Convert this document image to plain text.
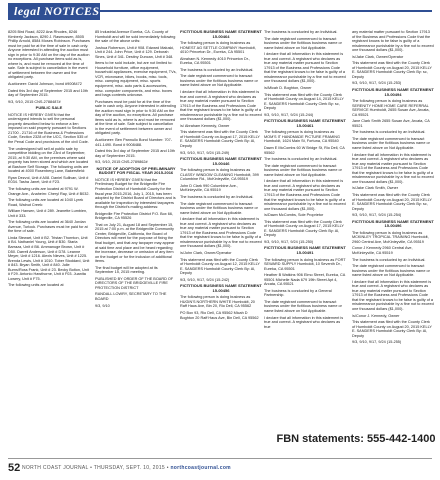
legal NOTICES

8205 Bird Road, 8222 Ana Rhodes, 8246 Kimberly Jackson, 8290 J. Rasmussen, 8505 Phillip Arnold, 8584 Moses Robinson. Purchases must be paid for at the time of sale in cash only. Anyone interested in attending the auction must sign in prior to 9:30 AM on the day of the auction no exceptions. All purchase items sold as is, where is, and must be removed at the time of sale. Sale is subject to cancellation in the event of settlement between the owner and the obligated party.

Auctioneer: David Johnson, bond #9008472

Dated this 3rd day of September 2015 and 10th day of September 2015.

9/3, 9/10, 2015 CNS-2788487#

PUBLIC SALE

NOTICE IS HEREBY GIVEN that the undersigned intends to sell the personal property described below to enforce a lien imposed on said property pursuant to Sections 21700 - 21716 of the Business & Professions Code, Section 2328 of the UCC, Section 535 of the Penal Code and provisions of the civil Code.

The undersigned will sell at public sale by competitive bidding on the 23rd of September, 2015, at 9:30 AM, on the premises where said property has been stored and which are located at Bashore Self Storage. The following units are located at 4000 Rosenberg Lane, Bakersfield:

Ryan Dezvol, Unit # A08. Daniel Sullivan, Unit # E034. Tasha Janet, Unit # F23.

The following units are located at 9791 W. Orange Ave., Anaheim: Cheryl Ray, Unit # B032.

The following units are located at 1040 Lyrek Road, Walnut Creek:

William Hansen, Unit # 289. Jeanette Lumbien, Unit # 333.

The following units are located at 3640 Jordan Avenue, Turlock. Purchases must be paid for at the time of sale.

Linda Stewart, Unit # B2. Tristan Thornton, Unit # B4. Nathaniel Young, Unit # B30. Starla Barraza, Unit # B6. Ammanuge Brown, Unit # D50. Darrell Anderson, Unit # D78. Leanne Meyer, Unit # 1216. Alexis Nieves, Unit # 1225. Brenda Lewis, Unit # 1010. Tober Stoddard, Unit # 843. Bryan Smith, Unit # 840. Julie Burns/Ross Frank, Unit # 23. Becky Bolton, Unit # F29. Antonio Hawthorne, Unit # F03. Juanita Lowery, Unit # F75.

The following units are located at

85 Industrial Avenue Eureka, CA. County of Humboldt and will be sold immediately following the sale of the above units:

Joshua Roberson, Unit # 908. Edward Maluski, Unit # 244. John Price, Unit # 129. Deborah Sines, Unit # 341. Destiny Duncan, Unit # 348.

Items to be sold include, but are not limited to: Household furniture, office equipment, household appliances, exercise equipment, TVs, VCR, microwave, bikes, books, misc. tools, misc. camping equipment, misc. sports equipment, misc. auto parts & accessories, misc. computer components, and misc. boxes and bags contents unknown.

Purchases must be paid for at the time of the sale in cash only. Anyone interested in attending the auction must sign in prior to 9:30 AM on the day of the auction, no exceptions. All purchase items sold as is, where is and must be removed at the time of sale. Sale subject to cancellation in the event of settlement between owner and obligated party.

Auctioneer: Ben Pannullo Bond Number: 707-441-1490. Bond # 9008488.

Dated this 3rd day of September 2015 and 10th day of September 2015.

9/3, 9/10, 2015 CNS-2789862#

NOTICE OF ADOPTION OF PRELIMINARY BUDGET FOR FISCAL YEAR 2015-2016

NOTICE IS HEREBY GIVEN that the Preliminary Budget for the Bridgeville Fire Protection District of Humboldt County for the fiscal year 2015-2016, July 1, 2015, has been adopted by the District Board of Directors and is available for inspection by interested taxpayers through the District's mailing address:

Bridgeville Fire Protection District P.O. Box 66, Bridgeville, CA 95526

That on July 21, August 18 and September 15, 2015 at 7:00 p.m. at the Bridgeville Community Center, Bridgeville, California, the Board of Directors will meet for the purpose of fixing the final budget, and that any taxpayer may appear at said time and place and be heard regarding the increase, decrease or omission of any item on the budget or for the inclusion of additional items.

The final budget will be adopted at its September 15, 2015 meeting.

PUBLISHED BY ORDER OF THE BOARD OF DIRECTORS OF THE BRIDGEVILLE FIRE PROTECTION DISTRICT

RANDALL LOWRY, SECRETARY TO THE BOARD

9/3, 9/10

FICTITIOUS BUSINESS NAME STATEMENT 15-00464

The following person is doing business as HONEST AG SETTLE COMPANY Humboldt, 4010 Princeton Dr., Eureka, CA 95501

Abraham N. Kennedy 4010 Princeton Dr., Eureka, CA 95501

The business is conducted by an Individual.

The date registrant commenced to transact business under the fictitious business name or name listed above on Not Applicable.

I declare that all information in this statement is true and correct. A registrant who declares as true any material matter pursuant to Section 17913 of the Business and Professions Code that the registrant knows to be false is guilty of a misdemeanor punishable by a fine not to exceed one thousand dollars ($1,000).

/s/ Abraham Kennedy, Owner

This statement was filed with the County Clerk of Humboldt County on August 17, 2015 KELLY E. SANDERS Humboldt County Clerk By: Al, Deputy

9/3, 9/10, 9/17, 9/24 (15-249)

FICTITIOUS BUSINESS NAME STATEMENT 15-00446

The following person is doing business as CLASSY WINDOW CLEANING Humboldt, 399 Columbine Rd., McKinleyville, CA 95519

John D Clark 990 Columbine Ave., McKinleyville, CA 95519

The business is conducted by an Individual.

The date registrant commenced to transact business under the fictitious business name or name listed above on Not Applicable.

I declare that all information in this statement is true and correct. A registrant who declares as true any material matter pursuant to Section 17913 of the Business and Professions Code that the registrant knows to be false is guilty of a misdemeanor punishable by a fine not to exceed one thousand dollars ($1,000).

/s/John Clark, Owner/Operator

This statement was filed with the County Clerk of Humboldt County on August 12, 2015 KELLY E. SANDERS Humboldt County Clerk By: Al, Deputy

9/3, 9/10, 9/17, 9/24 (15-242)

FICTITIOUS BUSINESS NAME STATEMENT 15-00456

The following person is doing business as HUGIN'S NORTHERN WHITE Humboldt, 20 Raff Haus Ave, Bin 20, Rio Dell, CA 95562

PO Box 93, Rio Dell, CA 95562 Micah D Boghton 20 Raff Haus Ave, Bin Dell, CA 95562

The business is conducted by an Individual.

The date registrant commenced to transact business under the fictitious business name or name listed above on Not Applicable.

I declare that all information in this statement is true and correct. A registrant who declares as true any material matter pursuant to Section 17913 of the Business and Professions Code that the registrant knows to be false is guilty of a misdemeanor punishable by a fine not to exceed one thousand dollars ($1,000).

/s/Micah D. Boghton, Owner

This statement was filed with the County Clerk of Humboldt County on August 14, 2015 KELLY E. SANDERS Humboldt County Clerk By: sc, Deputy

9/3, 9/10, 9/17, 9/24 (15-244)

FICTITIOUS BUSINESS NAME STATEMENT 15-00461

The following person is doing business as MOM'S IT HANDMADE PICTURE FRAMING Humboldt, 1624 Main St, Fortuna, CA 95540

Dawn E McCombs 60 W Bridge St, Rio Dell, CA 95562

The business is conducted by an Individual.

The date registrant commenced to transact business under the fictitious business name or name listed above on Not Applicable.

I declare that all information in this statement is true and correct. A registrant who declares as true any material matter pursuant to Section 17913 of the Business and Professions Code that the registrant knows to be false is guilty of a misdemeanor punishable by a fine not to exceed one thousand dollars ($1,000).

/s/Dawn McCombs, Sole Proprietor

This statement was filed with the County Clerk of Humboldt County on August 17, 2015 KELLY E. SANDERS Humboldt County Clerk By: Al, Deputy

9/3, 9/10, 9/17, 9/24 (15-250)

FICTITIOUS BUSINESS NAME STATEMENT 15-00491

The following person is doing business as FORT SEWARD SUPPLY Humboldt, 10 Seventh Dr., Eureka, CA 95501

Heather B Watkins 906 Elmo Street, Eureka, CA 95501 Michelle Nada 679 19th Street Apt 4, Arcata, CA 95521

The business is conducted by a General Partnership.

The date registrant commenced to transact business under the fictitious business name or name listed above on Not Applicable.

I declare that all information in this statement is true and correct. A registrant who declares as true

any material matter pursuant to Section 17913 of the Business and Professions Code that the registrant knows to be false is guilty of a misdemeanor punishable by a fine not to exceed one thousand dollars ($1,000).

/s/Jake Clark, Owner/Operator

This statement was filed with the County Clerk of Humboldt County on August 20, 2015 KELLY E. SANDERS Humboldt County Clerk By: sc, Deputy

9/3, 9/10, 9/17, 9/24 (15-253)

FICTITIOUS BUSINESS NAME STATEMENT 15-00494

The following person is doing business as SERENITY HOME HOME CARE REFERRAL SERVICE Humboldt, 2655 Susan Ave, Arcata, CA 95521

Jane Clark Smith 2655 Susan Ave, Arcata, CA 95521

The business is conducted by an Individual.

The date registrant commenced to transact business under the fictitious business name or name listed above on Not Applicable.

I declare that all information in this statement is true and correct. A registrant who declares as true any material matter pursuant to Section 17913 of the Business and Professions Code that the registrant knows to be false is guilty of a misdemeanor punishable by a fine not to exceed one thousand dollars ($1,000).

/s/Jake Clark Smith, Owner

This statement was filed with the County Clerk of Humboldt County on August 20, 2015 KELLY E. SANDERS Humboldt County Clerk By: sc, Deputy

9/3, 9/10, 9/17, 9/24 (15-254)

FICTITIOUS BUSINESS NAME STATEMENT 15-00496

The following person is doing business as MCKINLEY TROPICAL TRAINING Humboldt, 2960 Central Ave, McKinleyville, CA 95519

Conor J Kennedy 2960 Central Ave, McKinleyville, CA 95519

The business is conducted by an Individual.

The date registrant commenced to transact business under the fictitious business name or name listed above on Not Applicable.

I declare that all information in this statement is true and correct. A registrant who declares as true any material matter pursuant to Section 17913 of the Business and Professions Code that the registrant knows to be false is guilty of a misdemeanor punishable by a fine not to exceed one thousand dollars ($1,000).

/s/Conor J. Kennedy, Owner

This statement was filed with the County Clerk of Humboldt County on August 20, 2015 KELLY E. SANDERS Humboldt County Clerk By: Al, Deputy

9/3, 9/10, 9/17, 9/24 (15-255)

FBN statements: 555-442-1400
52 NORTH COAST JOURNAL • THURSDAY, SEPT. 10, 2015 • northcoastjournal.com
